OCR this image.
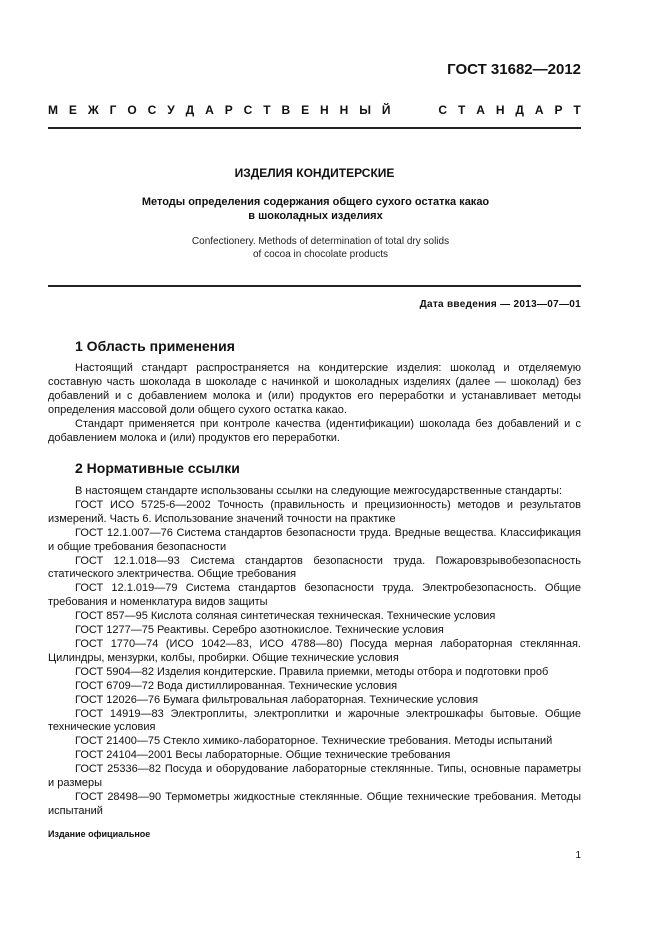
ГОСТ 31682—2012
М Е Ж Г О С У Д А Р С Т В Е Н Н Ы Й	С Т А Н Д А Р Т
ИЗДЕЛИЯ КОНДИТЕРСКИЕ
Методы определения содержания общего сухого остатка какао
в шоколадных изделиях
Confectionery. Methods of determination of total dry solids
of cocoa in chocolate products
Дата введения — 2013—07—01
1 Область применения

Настоящий стандарт распространяется на кондитерские изделия: шоколад и отделяемую составную часть шоколада в шоколаде с начинкой и шоколадных изделиях (далее — шоколад) без добавлений и с добавлением молока и (или) продуктов его переработки и устанавливает методы определения массовой доли общего сухого остатка какао.

Стандарт применяется при контроле качества (идентификации) шоколада без добавлений и с добавлением молока и (или) продуктов его переработки.

2 Нормативные ссылки

В настоящем стандарте использованы ссылки на следующие межгосударственные стандарты:

ГОСТ ИСО 5725-6—2002 Точность (правильность и прецизионность) методов и результатов измерений. Часть 6. Использование значений точности на практике

ГОСТ 12.1.007—76 Система стандартов безопасности труда. Вредные вещества. Классификация и общие требования безопасности

ГОСТ 12.1.018—93 Система стандартов безопасности труда. Пожаровзрывобезопасность статического электричества. Общие требования

ГОСТ 12.1.019—79 Система стандартов безопасности труда. Электробезопасность. Общие требования и номенклатура видов защиты

ГОСТ 857—95 Кислота соляная синтетическая техническая. Технические условия

ГОСТ 1277—75 Реактивы. Серебро азотнокислое. Технические условия

ГОСТ 1770—74 (ИСО 1042—83, ИСО 4788—80) Посуда мерная лабораторная стеклянная. Цилиндры, мензурки, колбы, пробирки. Общие технические условия

ГОСТ 5904—82 Изделия кондитерские. Правила приемки, методы отбора и подготовки проб

ГОСТ 6709—72 Вода дистиллированная. Технические условия

ГОСТ 12026—76 Бумага фильтровальная лабораторная. Технические условия

ГОСТ 14919—83 Электроплиты, электроплитки и жарочные электрошкафы бытовые. Общие технические условия

ГОСТ 21400—75 Стекло химико-лабораторное. Технические требования. Методы испытаний

ГОСТ 24104—2001 Весы лабораторные. Общие технические требования

ГОСТ 25336—82 Посуда и оборудование лабораторные стеклянные. Типы, основные параметры и размеры

ГОСТ 28498—90 Термометры жидкостные стеклянные. Общие технические требования. Методы испытаний

Издание официальное
1
